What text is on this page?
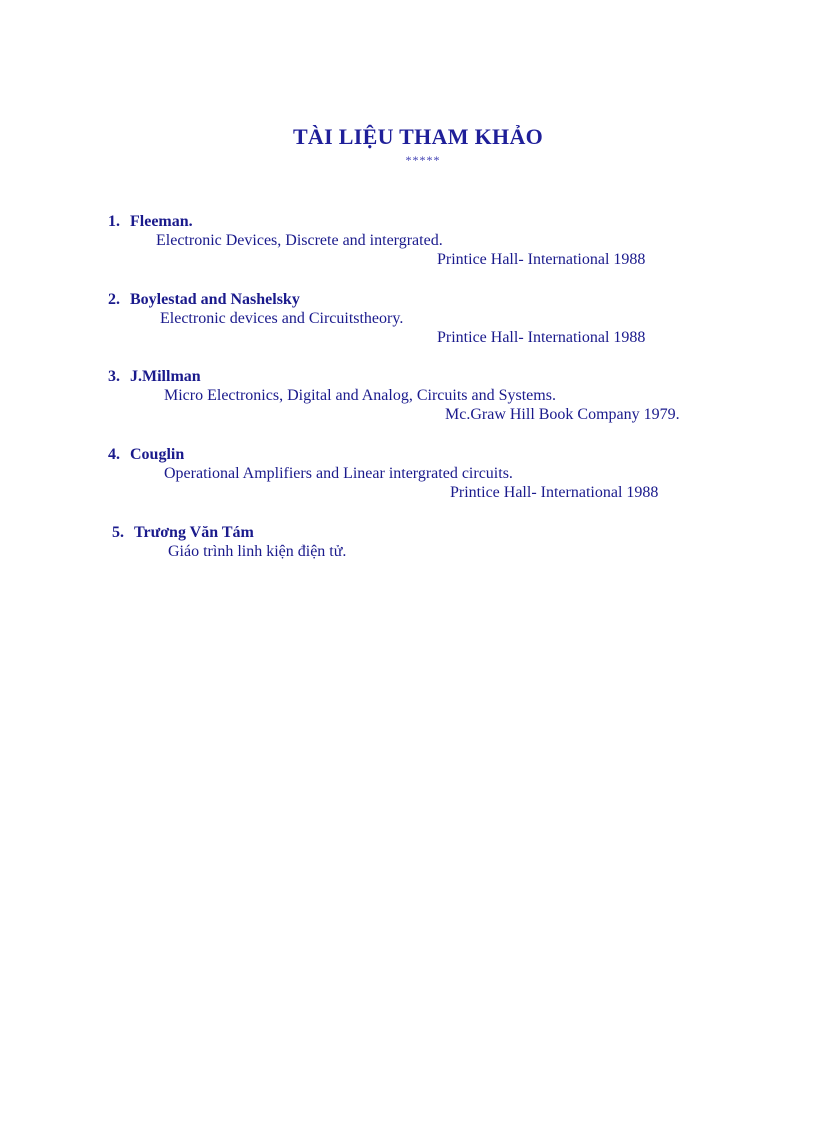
TÀI LIỆU THAM KHẢO
*****
1. Fleeman.
Electronic Devices, Discrete and intergrated.
Printice Hall- International 1988
2. Boylestad and Nashelsky
Electronic devices and Circuitstheory.
Printice Hall- International 1988
3. J.Millman
Micro Electronics, Digital and Analog, Circuits and Systems.
Mc.Graw Hill Book Company 1979.
4. Couglin
Operational Amplifiers and Linear intergrated circuits.
Printice Hall- International 1988
5. Trương Văn Tám
Giáo trình linh kiện điện tử.
